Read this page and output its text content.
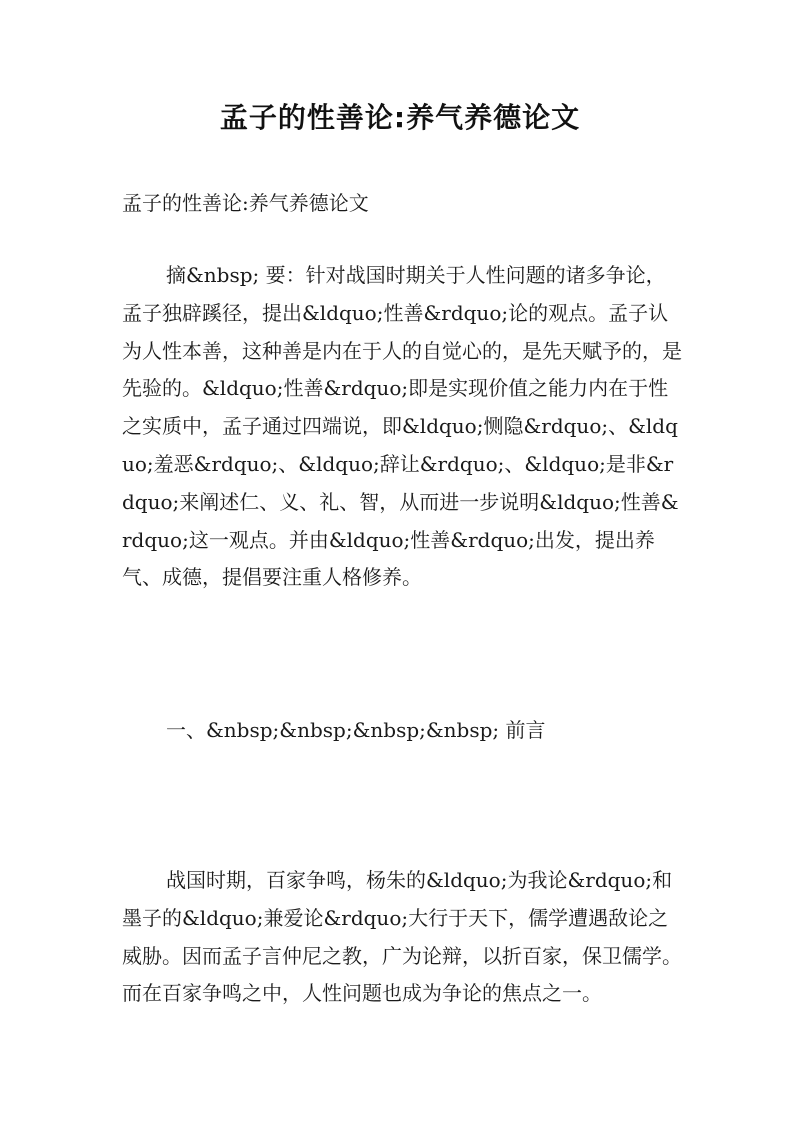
孟子的性善论:养气养德论文
孟子的性善论:养气养德论文
摘&nbsp; 要：针对战国时期关于人性问题的诸多争论，孟子独辟蹊径，提出&ldquo;性善&rdquo;论的观点。孟子认为人性本善，这种善是内在于人的自觉心的，是先天赋予的，是先验的。&ldquo;性善&rdquo;即是实现价值之能力内在于性之实质中，孟子通过四端说，即&ldquo;恻隐&rdquo;、&ldquo;羞恶&rdquo;、&ldquo;辞让&rdquo;、&ldquo;是非&rdquo;来阐述仁、义、礼、智，从而进一步说明&ldquo;性善&rdquo;这一观点。并由&ldquo;性善&rdquo;出发，提出养气、成德，提倡要注重人格修养。
一、&nbsp;&nbsp;&nbsp;&nbsp; 前言
战国时期，百家争鸣，杨朱的&ldquo;为我论&rdquo;和墨子的&ldquo;兼爱论&rdquo;大行于天下，儒学遭遇敌论之威胁。因而孟子言仲尼之教，广为论辩，以折百家，保卫儒学。而在百家争鸣之中，人性问题也成为争论的焦点之一。
